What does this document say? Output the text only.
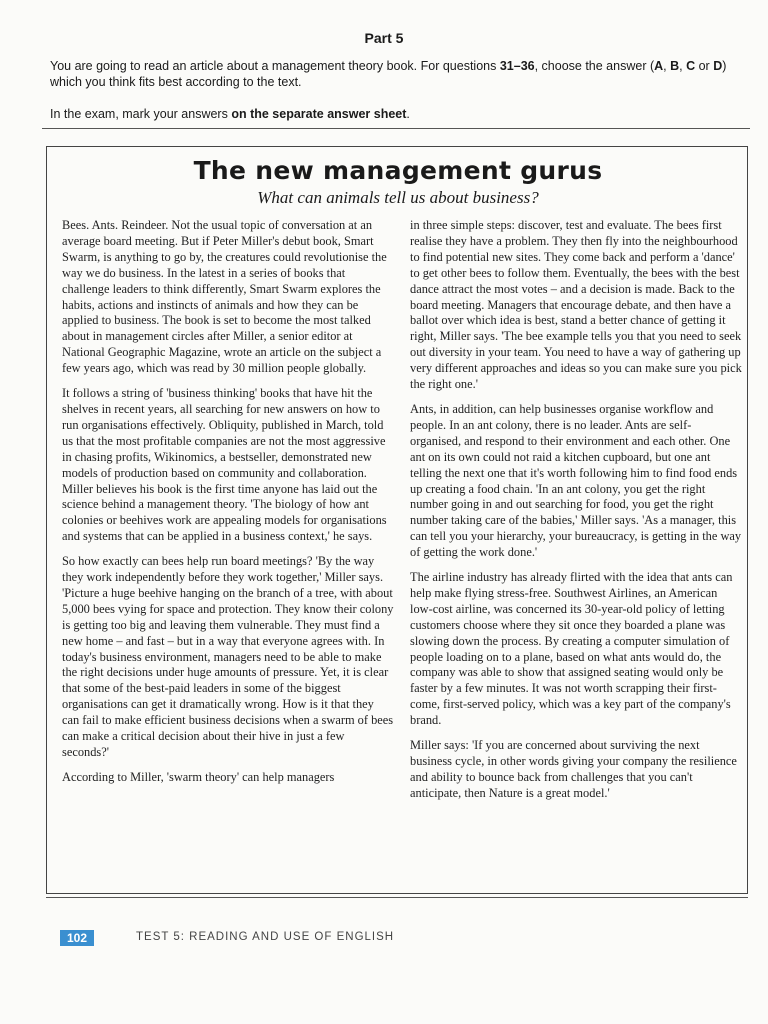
Part 5
You are going to read an article about a management theory book. For questions 31–36, choose the answer (A, B, C or D) which you think fits best according to the text.
In the exam, mark your answers on the separate answer sheet.
The new management gurus
What can animals tell us about business?

Bees. Ants. Reindeer. Not the usual topic of conversation at an average board meeting. But if Peter Miller's debut book, Smart Swarm, is anything to go by, the creatures could revolutionise the way we do business. In the latest in a series of books that challenge leaders to think differently, Smart Swarm explores the habits, actions and instincts of animals and how they can be applied to business. The book is set to become the most talked about in management circles after Miller, a senior editor at National Geographic Magazine, wrote an article on the subject a few years ago, which was read by 30 million people globally.

It follows a string of 'business thinking' books that have hit the shelves in recent years, all searching for new answers on how to run organisations effectively. Obliquity, published in March, told us that the most profitable companies are not the most aggressive in chasing profits, Wikinomics, a bestseller, demonstrated new models of production based on community and collaboration. Miller believes his book is the first time anyone has laid out the science behind a management theory. 'The biology of how ant colonies or beehives work are appealing models for organisations and systems that can be applied in a business context,' he says.

So how exactly can bees help run board meetings? 'By the way they work independently before they work together,' Miller says. 'Picture a huge beehive hanging on the branch of a tree, with about 5,000 bees vying for space and protection. They know their colony is getting too big and leaving them vulnerable. They must find a new home – and fast – but in a way that everyone agrees with. In today's business environment, managers need to be able to make the right decisions under huge amounts of pressure. Yet, it is clear that some of the best-paid leaders in some of the biggest organisations can get it dramatically wrong. How is it that they can fail to make efficient business decisions when a swarm of bees can make a critical decision about their hive in just a few seconds?'

According to Miller, 'swarm theory' can help managers

in three simple steps: discover, test and evaluate. The bees first realise they have a problem. They then fly into the neighbourhood to find potential new sites. They come back and perform a 'dance' to get other bees to follow them. Eventually, the bees with the best dance attract the most votes – and a decision is made. Back to the board meeting. Managers that encourage debate, and then have a ballot over which idea is best, stand a better chance of getting it right, Miller says. 'The bee example tells you that you need to seek out diversity in your team. You need to have a way of gathering up very different approaches and ideas so you can make sure you pick the right one.'

Ants, in addition, can help businesses organise workflow and people. In an ant colony, there is no leader. Ants are self-organised, and respond to their environment and each other. One ant on its own could not raid a kitchen cupboard, but one ant telling the next one that it's worth following him to find food ends up creating a food chain. 'In an ant colony, you get the right number going in and out searching for food, you get the right number taking care of the babies,' Miller says. 'As a manager, this can tell you your hierarchy, your bureaucracy, is getting in the way of getting the work done.'

The airline industry has already flirted with the idea that ants can help make flying stress-free. Southwest Airlines, an American low-cost airline, was concerned its 30-year-old policy of letting customers choose where they sit once they boarded a plane was slowing down the process. By creating a computer simulation of people loading on to a plane, based on what ants would do, the company was able to show that assigned seating would only be faster by a few minutes. It was not worth scrapping their first-come, first-served policy, which was a key part of the company's brand.

Miller says: 'If you are concerned about surviving the next business cycle, in other words giving your company the resilience and ability to bounce back from challenges that you can't anticipate, then Nature is a great model.'

102	TEST 5: READING AND USE OF ENGLISH
